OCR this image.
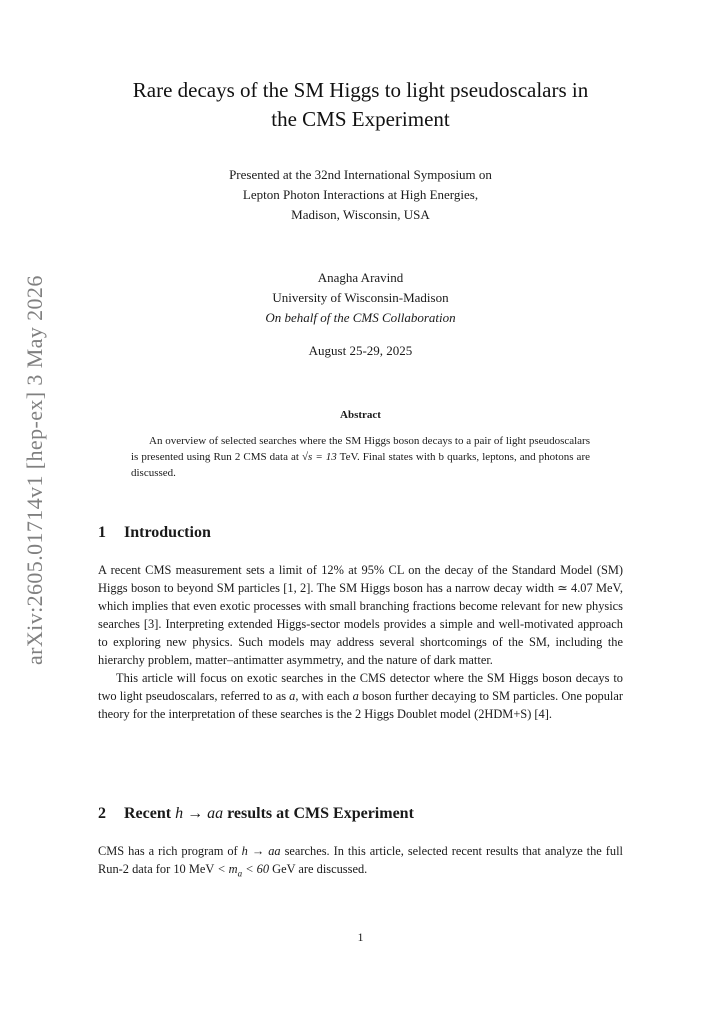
arXiv:2605.01714v1 [hep-ex] 3 May 2026
Rare decays of the SM Higgs to light pseudoscalars in
the CMS Experiment
Presented at the 32nd International Symposium on
Lepton Photon Interactions at High Energies,
Madison, Wisconsin, USA
Anagha Aravind
University of Wisconsin-Madison
On behalf of the CMS Collaboration
August 25-29, 2025
Abstract

An overview of selected searches where the SM Higgs boson decays to a pair of light pseudoscalars is presented using Run 2 CMS data at √s = 13 TeV. Final states with b quarks, leptons, and photons are discussed.

1 Introduction

A recent CMS measurement sets a limit of 12% at 95% CL on the decay of the Standard Model (SM) Higgs boson to beyond SM particles [1, 2]. The SM Higgs boson has a narrow decay width ≃ 4.07 MeV, which implies that even exotic processes with small branching fractions become relevant for new physics searches [3]. Interpreting extended Higgs-sector models provides a simple and well-motivated approach to exploring new physics. Such models may address several shortcomings of the SM, including the hierarchy problem, matter–antimatter asymmetry, and the nature of dark matter.

This article will focus on exotic searches in the CMS detector where the SM Higgs boson decays to two light pseudoscalars, referred to as a, with each a boson further decaying to SM particles. One popular theory for the interpretation of these searches is the 2 Higgs Doublet model (2HDM+S) [4].

2 Recent h → aa results at CMS Experiment

CMS has a rich program of h → aa searches. In this article, selected recent results that analyze the full Run-2 data for 10 MeV < $m_a < 60$ GeV are discussed.

1
